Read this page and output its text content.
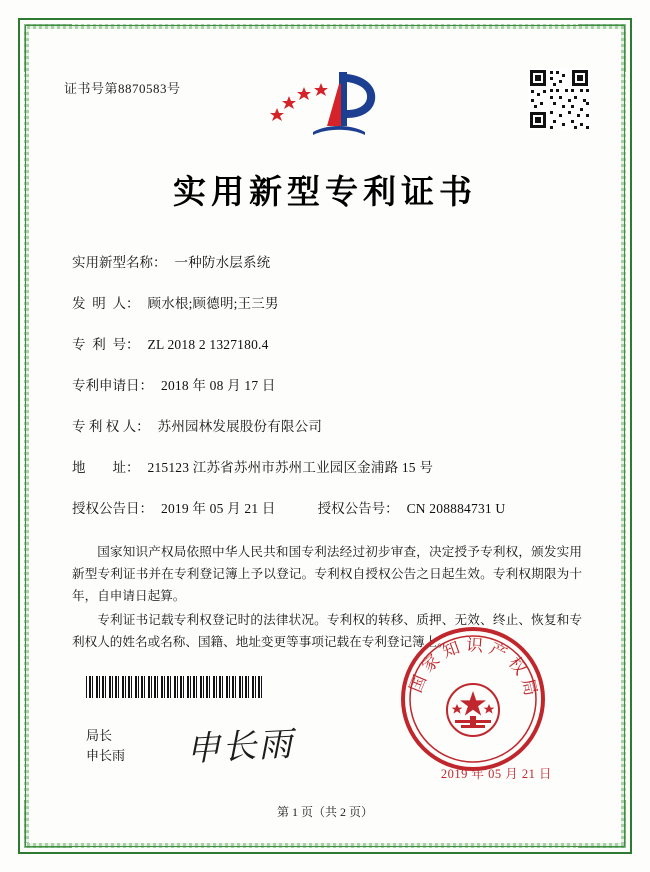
证书号第8870583号
实用新型专利证书
实用新型名称： 一种防水层系统
发  明  人： 顾水根;顾德明;王三男
专  利  号： ZL 2018 2 1327180.4
专利申请日： 2018 年 08 月 17 日
专 利 权 人： 苏州园林发展股份有限公司
地        址： 215123 江苏省苏州市苏州工业园区金浦路 15 号
授权公告日： 2019 年 05 月 21 日	授权公告号： CN 208884731 U

国家知识产权局依照中华人民共和国专利法经过初步审查，决定授予专利权，颁发实用新型专利证书并在专利登记簿上予以登记。专利权自授权公告之日起生效。专利权期限为十年，自申请日起算。

专利证书记载专利权登记时的法律状况。专利权的转移、质押、无效、终止、恢复和专利权人的姓名或名称、国籍、地址变更等事项记载在专利登记簿上。

局长
申长雨 申长雨
国家知识产权局
2019 年 05 月 21 日
第 1 页（共 2 页）
